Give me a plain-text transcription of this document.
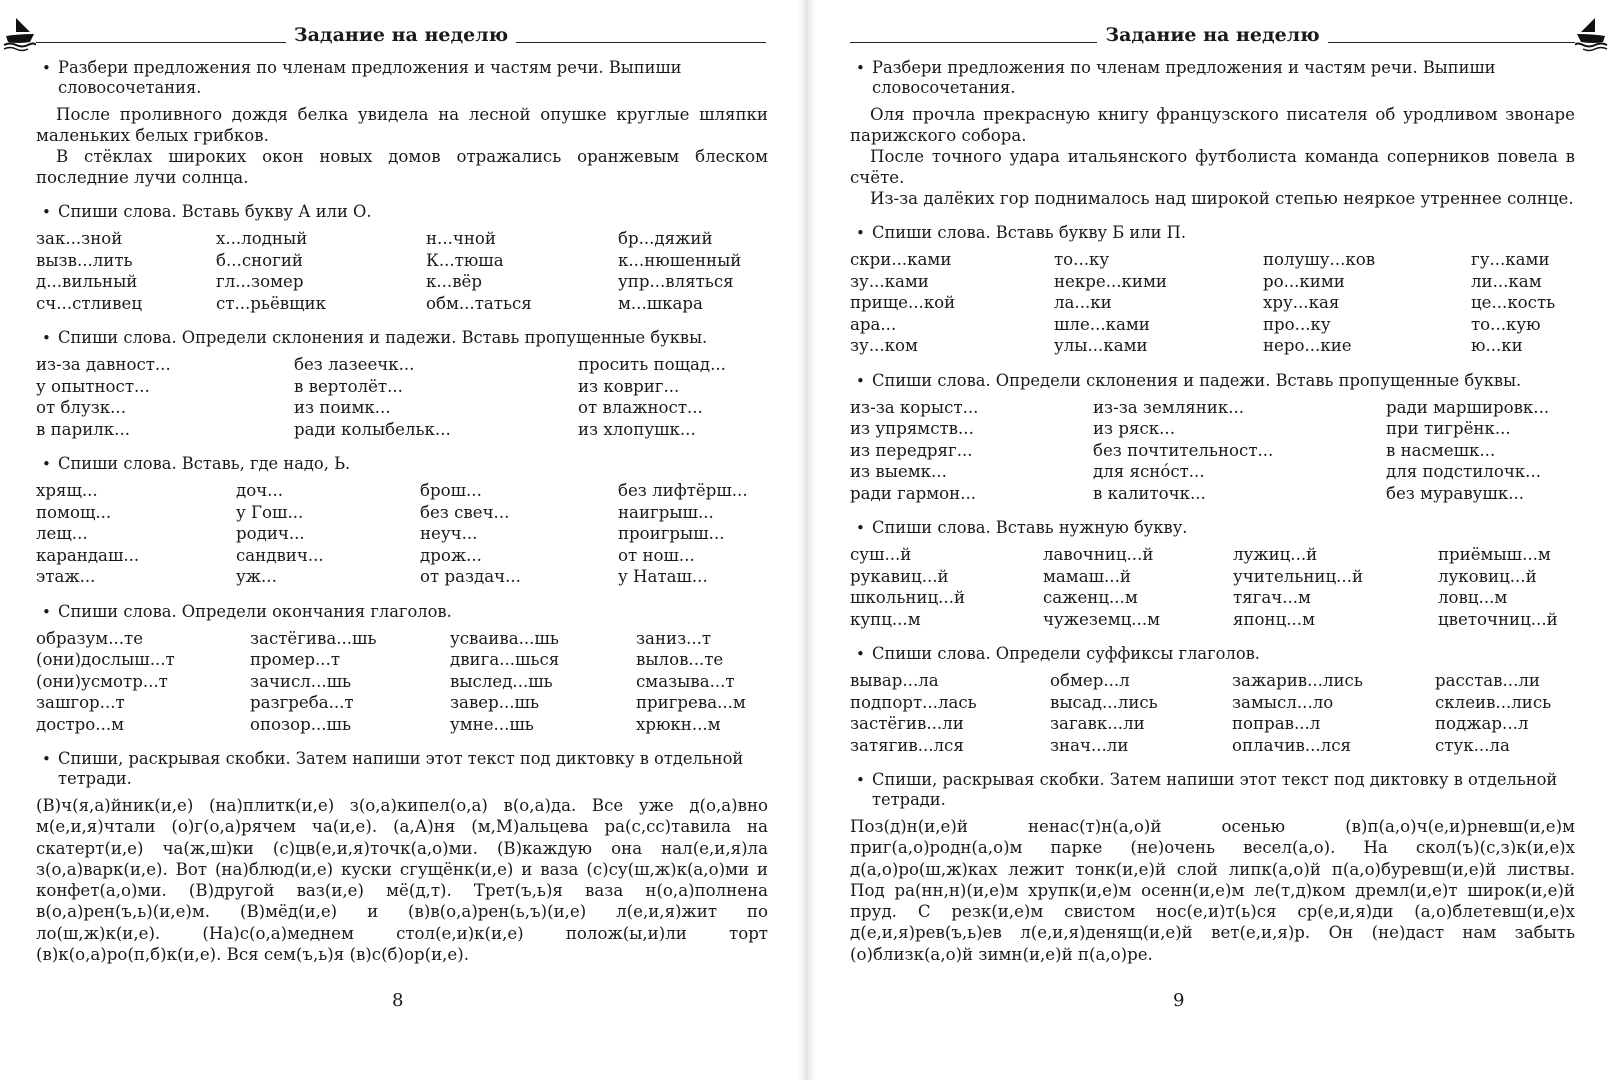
Задание на неделю
• Разбери предложения по членам предложения и частям речи. Выпиши словосочетания.

После проливного дождя белка увидела на лесной опушке круглые шляпки маленьких белых грибков.

В стёклах широких окон новых домов отражались оранжевым блеском последние лучи солнца.

• Спиши слова. Вставь букву А или О.
зак...зной	х...лодный	н...чной	бр...дяжий
вызв...лить	б...сногий	К...тюша	к...нюшенный
д...вильный	гл...зомер	к...вёр	упр...вляться
сч...стливец	ст...рьёвщик	обм...таться	м...шкара
• Спиши слова. Определи склонения и падежи. Вставь пропущенные буквы.
из-за давност...	без лазеечк...	просить пощад...
у опытност...	в вертолёт...	из ковриг...
от блузк...	из поимк...	от влажност...
в парилк...	ради колыбельк...	из хлопушк...
• Спиши слова. Вставь, где надо, Ь.
хрящ...	доч...	брош...	без лифтёрш...
помощ...	у Гош...	без свеч...	наигрыш...
лещ...	родич...	неуч...	проигрыш...
карандаш...	сандвич...	дрож...	от нош...
этаж...	уж...	от раздач...	у Наташ...
• Спиши слова. Определи окончания глаголов.
образум...те	застёгива...шь	усваива...шь	заниз...т
(они)дослыш...т	промер...т	двига...шься	вылов...те
(они)усмотр...т	зачисл...шь	выслед...шь	смазыва...т
зашгор...т	разгреба...т	завер...шь	пригрева...м
достро...м	опозор...шь	умне...шь	хрюкн...м
• Спиши, раскрывая скобки. Затем напиши этот текст под диктовку в отдельной тетради.

(В)ч(я,а)йник(и,е) (на)плитк(и,е) з(о,а)кипел(о,а) в(о,а)да. Все уже д(о,а)вно м(е,и,я)чтали (о)г(о,а)рячем ча(и,е). (а,А)ня (м,М)альцева ра(с,сс)тавила на скатерт(и,е) ча(ж,ш)ки (с)цв(е,и,я)точк(а,о)ми. (В)каждую она нал(е,и,я)ла з(о,а)варк(и,е). Вот (на)блюд(и,е) куски сгущёнк(и,е) и ваза (с)су(ш,ж)к(а,о)ми и конфет(а,о)ми. (В)другой ваз(и,е) мё(д,т). Трет(ъ,ь)я ваза н(о,а)полнена в(о,а)рен(ъ,ь)(и,е)м. (В)мёд(и,е) и (в)в(о,а)рен(ь,ъ)(и,е) л(е,и,я)жит по ло(ш,ж)к(и,е). (На)с(о,а)меднем стол(е,и)к(и,е) полож(ы,и)ли торт (в)к(о,а)ро(п,б)к(и,е). Вся сем(ъ,ь)я (в)с(б)ор(и,е).

8
Задание на неделю
• Разбери предложения по членам предложения и частям речи. Выпиши словосочетания.

Оля прочла прекрасную книгу французского писателя об уродливом звонаре парижского собора.

После точного удара итальянского футболиста команда соперников повела в счёте.

Из-за далёких гор поднималось над широкой степью неяркое утреннее солнце.

• Спиши слова. Вставь букву Б или П.
скри...ками	то...ку	полушу...ков	гу...ками
зу...ками	некре...кими	ро...кими	ли...кам
прище...кой	ла...ки	хру...кая	це...кость
ара...	шле...ками	про...ку	то...кую
зу...ком	улы...ками	неро...кие	ю...ки
• Спиши слова. Определи склонения и падежи. Вставь пропущенные буквы.
из-за корыст...	из-за земляник...	ради маршировк...
из упрямств...	из ряск...	при тигрёнк...
из передряг...	без почтительност...	в насмешк...
из выемк...	для яснóст...	для подстилочк...
ради гармон...	в калиточк...	без муравушк...
• Спиши слова. Вставь нужную букву.
суш...й	лавочниц...й	лужиц...й	приёмыш...м
рукавиц...й	мамаш...й	учительниц...й	луковиц...й
школьниц...й	саженц...м	тягач...м	ловц...м
купц...м	чужеземц...м	японц...м	цветочниц...й
• Спиши слова. Определи суффиксы глаголов.
вывар...ла	обмер...л	зажарив...лись	расстав...ли
подпорт...лась	высад...лись	замысл...ло	склеив...лись
застёгив...ли	загавк...ли	поправ...л	поджар...л
затягив...лся	знач...ли	оплачив...лся	стук...ла
• Спиши, раскрывая скобки. Затем напиши этот текст под диктовку в отдельной тетради.

Поз(д)н(и,е)й ненас(т)н(а,о)й осенью (в)п(а,о)ч(е,и)рневш(и,е)м приг(а,о)родн(а,о)м парке (не)очень весел(а,о). На скол(ъ)(с,з)к(и,е)х д(а,о)ро(ш,ж)ках лежит тонк(и,е)й слой липк(а,о)й п(а,о)буревш(и,е)й листвы. Под ра(нн,н)(и,е)м хрупк(и,е)м осенн(и,е)м ле(т,д)ком дремл(и,е)т широк(и,е)й пруд. С резк(и,е)м свистом нос(е,и)т(ь)ся ср(е,и,я)ди (а,о)блетевш(и,е)х д(е,и,я)рев(ъ,ь)ев л(е,и,я)денящ(и,е)й вет(е,и,я)р. Он (не)даст нам забыть (о)близк(а,о)й зимн(и,е)й п(а,о)ре.

9
